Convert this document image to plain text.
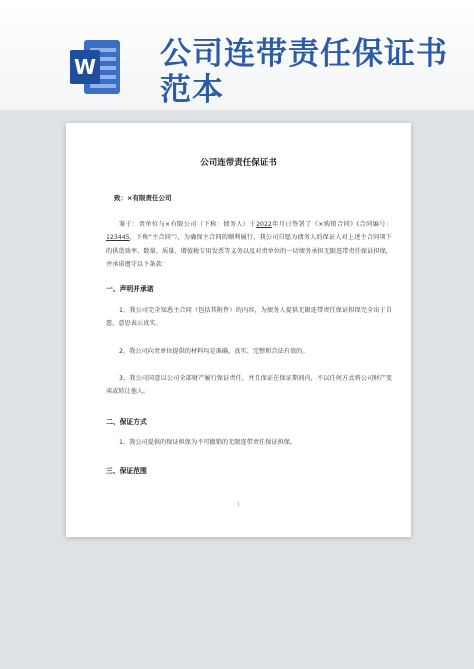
W 公司连带责任保证书范本
公司连带责任保证书
致：×有限责任公司
鉴于：责单位与×有限公司（下称：债务人）于2022年月日签署了《×购销合同》(合同编号：123445，下称“主合同”），为确保主合同的顺利履行，我公司自愿为债务人的保证人对上述主合同项下的供货效率、数量、质量、增值税专用发票等义务以及对责单位的一切债务承担无限连带责任保证担保，并承诺遵守以下条款：
一、声明并承诺
1、我公司完全知悉主合同（包括其附件）的内容，为债务人提供无限连带责任保证担保完全出于自愿，意思表示真实。
2、我公司向责单位提供的材料均是准确、真实、完整和合法有效的。
3、我公司同意以公司全部财产履行保证责任，并且保证在保证期间内，不以任何方式将公司财产变卖或转让他人。
二、保证方式
1、我公司提供的保证担保为不可撤销的无限连带责任保证担保。
三、保证范围
1
